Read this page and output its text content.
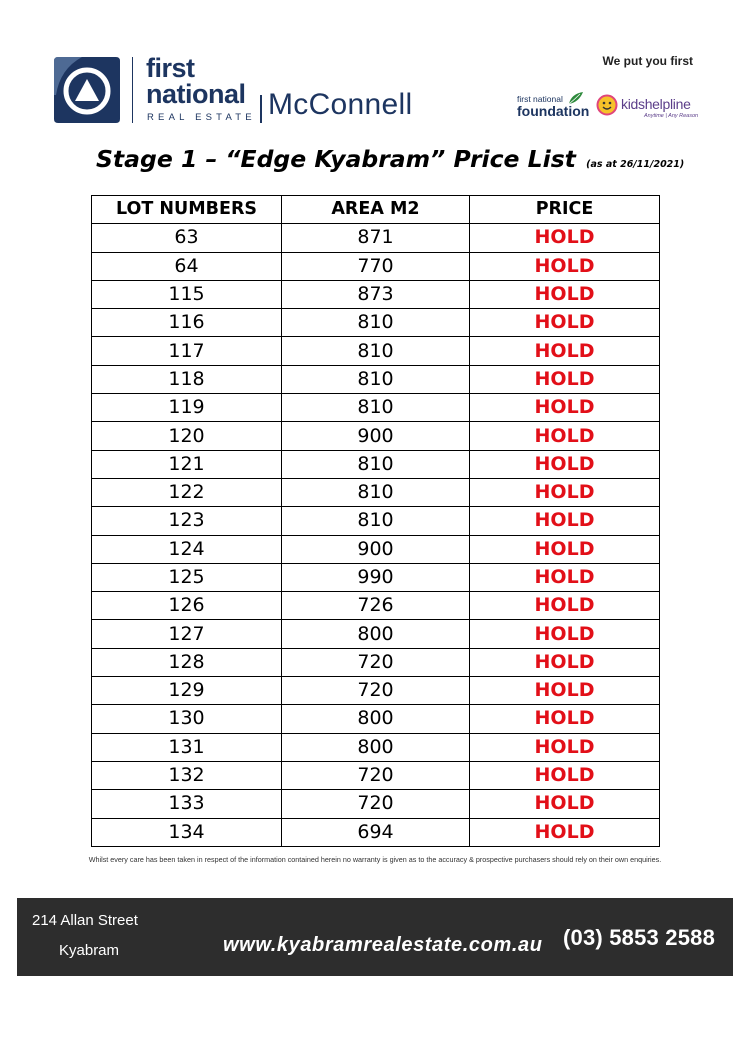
first
national
REAL ESTATE McConnell
We put you first
first national
foundation kidshelpline
Anytime | Any Reason
Stage 1 – “Edge Kyabram” Price List (as at 26/11/2021)
LOT NUMBERS	AREA M2	PRICE
63	871	HOLD
64	770	HOLD
115	873	HOLD
116	810	HOLD
117	810	HOLD
118	810	HOLD
119	810	HOLD
120	900	HOLD
121	810	HOLD
122	810	HOLD
123	810	HOLD
124	900	HOLD
125	990	HOLD
126	726	HOLD
127	800	HOLD
128	720	HOLD
129	720	HOLD
130	800	HOLD
131	800	HOLD
132	720	HOLD
133	720	HOLD
134	694	HOLD
Whilst every care has been taken in respect of the information contained herein no warranty is given as to the accuracy & prospective purchasers should rely on their own enquiries.
214 Allan Street
Kyabram	www.kyabramrealestate.com.au (03) 5853 2588
